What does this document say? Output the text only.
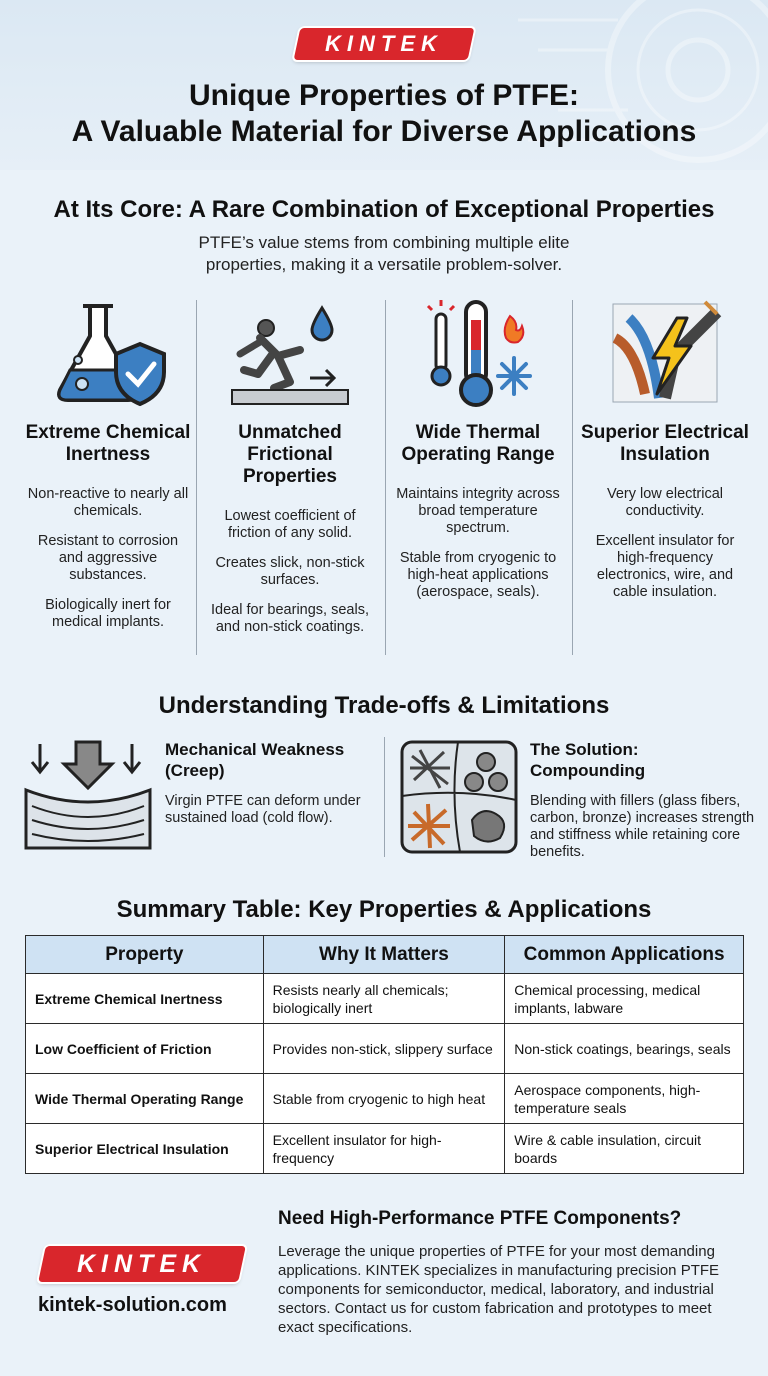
KINTEK
Unique Properties of PTFE:
A Valuable Material for Diverse Applications
At Its Core: A Rare Combination of Exceptional Properties
PTFE’s value stems from combining multiple elite properties, making it a versatile problem-solver.
Extreme Chemical Inertness

Non-reactive to nearly all chemicals.

Resistant to corrosion and aggressive substances.

Biologically inert for medical implants.

Unmatched Frictional Properties

Lowest coefficient of friction of any solid.

Creates slick, non-stick surfaces.

Ideal for bearings, seals, and non-stick coatings.

Wide Thermal Operating Range

Maintains integrity across broad temperature spectrum.

Stable from cryogenic to high-heat applications (aerospace, seals).

Superior Electrical Insulation

Very low electrical conductivity.

Excellent insulator for high-frequency electronics, wire, and cable insulation.

Understanding Trade-offs & Limitations
Mechanical Weakness (Creep)

Virgin PTFE can deform under sustained load (cold flow).

The Solution: Compounding

Blending with fillers (glass fibers, carbon, bronze) increases strength and stiffness while retaining core benefits.

Summary Table: Key Properties & Applications
Property	Why It Matters	Common Applications
Extreme Chemical Inertness	Resists nearly all chemicals; biologically inert	Chemical processing, medical implants, labware
Low Coefficient of Friction	Provides non-stick, slippery surface	Non-stick coatings, bearings, seals
Wide Thermal Operating Range	Stable from cryogenic to high heat	Aerospace components, high-temperature seals
Superior Electrical Insulation	Excellent insulator for high-frequency	Wire & cable insulation, circuit boards
KINTEK
kintek-solution.com
Need High-Performance PTFE Components?
Leverage the unique properties of PTFE for your most demanding applications. KINTEK specializes in manufacturing precision PTFE components for semiconductor, medical, laboratory, and industrial sectors. Contact us for custom fabrication and prototypes to meet exact specifications.
